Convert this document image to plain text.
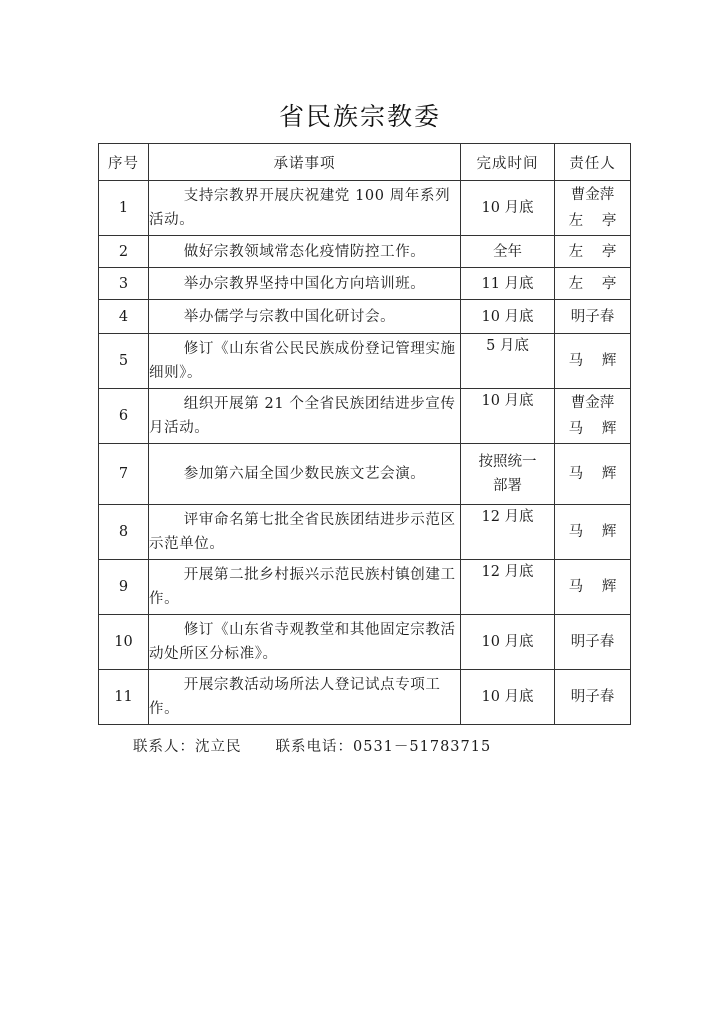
省民族宗教委
序号	承诺事项	完成时间	责任人
1	支持宗教界开展庆祝建党 100 周年系列活动。	10 月底	曹金萍
左亭

2	做好宗教领域常态化疫情防控工作。	全年	左亭

3	举办宗教界坚持中国化方向培训班。	11 月底	左亭

4	举办儒学与宗教中国化研讨会。	10 月底	明子春

5	修订《山东省公民民族成份登记管理实施细则》。	5 月底	马辉

6	组织开展第 21 个全省民族团结进步宣传月活动。	10 月底	曹金萍
马辉

7	参加第六届全国少数民族文艺会演。	按照统一部署	马辉

8	评审命名第七批全省民族团结进步示范区示范单位。	12 月底	马辉

9	开展第二批乡村振兴示范民族村镇创建工作。	12 月底	马辉

10	修订《山东省寺观教堂和其他固定宗教活动处所区分标准》。	10 月底	明子春

11	开展宗教活动场所法人登记试点专项工作。	10 月底	明子春
联系人：沈立民 联系电话：0531－51783715
